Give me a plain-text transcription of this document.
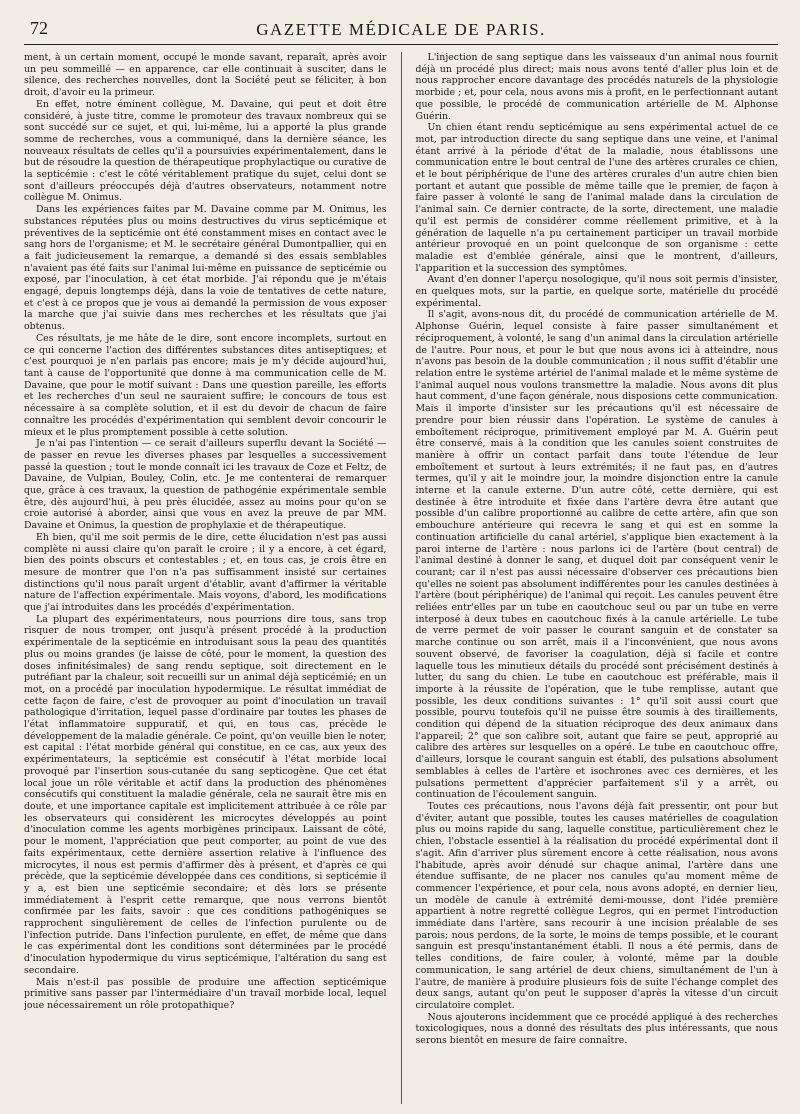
72	GAZETTE MÉDICALE DE PARIS.

ment, à un certain moment, occupé le monde savant, reparaît, après avoir un peu sommeillé — en apparence, car elle continuait à susciter, dans le silence, des recherches nouvelles, dont la Société peut se féliciter, à bon droit, d'avoir eu la primeur.

En effet, notre éminent collègue, M. Davaine, qui peut et doit être considéré, à juste titre, comme le promoteur des travaux nombreux qui se sont succédé sur ce sujet, et qui, lui-même, lui a apporté la plus grande somme de recherches, vous a communiqué, dans la dernière séance, les nouveaux résultats de celles qu'il a poursuivies expérimentalement, dans le but de résoudre la question de thérapeutique prophylactique ou curative de la septicémie : c'est le côté véritablement pratique du sujet, celui dont se sont d'ailleurs préoccupés déjà d'autres observateurs, notamment notre collègue M. Onimus.

Dans les expériences faites par M. Davaine comme par M. Onimus, les substances réputées plus ou moins destructives du virus septicémique et préventives de la septicémie ont été constamment mises en contact avec le sang hors de l'organisme; et M. le secrétaire général Dumontpallier, qui en a fait judicieusement la remarque, a demandé si des essais semblables n'avaient pas été faits sur l'animal lui-même en puissance de septicémie ou exposé, par l'inoculation, à cet état morbide. J'ai répondu que je m'étais engagé, depuis longtemps déjà, dans la voie de tentatives de cette nature, et c'est à ce propos que je vous ai demandé la permission de vous exposer la marche que j'ai suivie dans mes recherches et les résultats que j'ai obtenus.

Ces résultats, je me hâte de le dire, sont encore incomplets, surtout en ce qui concerne l'action des différentes substances dites antiseptiques; et c'est pourquoi je n'en parlais pas encore; mais je m'y décide aujourd'hui, tant à cause de l'opportunité que donne à ma communication celle de M. Davaine, que pour le motif suivant : Dans une question pareille, les efforts et les recherches d'un seul ne sauraient suffire; le concours de tous est nécessaire à sa complète solution, et il est du devoir de chacun de faire connaître les procédés d'expérimentation qui semblent devoir concourir le mieux et le plus promptement possible à cette solution.

Je n'ai pas l'intention — ce serait d'ailleurs superflu devant la Société — de passer en revue les diverses phases par lesquelles a successivement passé la question ; tout le monde connaît ici les travaux de Coze et Feltz, de Davaine, de Vulpian, Bouley, Colin, etc. Je me contenterai de remarquer que, grâce à ces travaux, la question de pathogénie expérimentale semble être, dès aujourd'hui, à peu près élucidée, assez au moins pour qu'on se croie autorisé à aborder, ainsi que vous en avez la preuve de par MM. Davaine et Onimus, la question de prophylaxie et de thérapeutique.

Eh bien, qu'il me soit permis de le dire, cette élucidation n'est pas aussi complète ni aussi claire qu'on paraît le croire ; il y a encore, à cet égard, bien des points obscurs et contestables ; et, en tous cas, je crois être en mesure de montrer que l'on n'a pas suffisamment insisté sur certaines distinctions qu'il nous paraît urgent d'établir, avant d'affirmer la véritable nature de l'affection expérimentale. Mais voyons, d'abord, les modifications que j'ai introduites dans les procédés d'expérimentation.

La plupart des expérimentateurs, nous pourrions dire tous, sans trop risquer de nous tromper, ont jusqu'à présent procédé à la production expérimentale de la septicémie en introduisant sous la peau des quantités plus ou moins grandes (je laisse de côté, pour le moment, la question des doses infinitésimales) de sang rendu septique, soit directement en le putréfiant par la chaleur, soit recueilli sur un animal déjà septicémié; en un mot, on a procédé par inoculation hypodermique. Le résultat immédiat de cette façon de faire, c'est de provoquer au point d'inoculation un travail pathologique d'irritation, lequel passe d'ordinaire par toutes les phases de l'état inflammatoire suppuratif, et qui, en tous cas, précède le développement de la maladie générale. Ce point, qu'on veuille bien le noter, est capital : l'état morbide général qui constitue, en ce cas, aux yeux des expérimentateurs, la septicémie est consécutif à l'état morbide local provoqué par l'insertion sous-cutanée du sang septicogène. Que cet état local joue un rôle véritable et actif dans la production des phénomènes consécutifs qui constituent la maladie générale, cela ne saurait être mis en doute, et une importance capitale est implicitement attribuée à ce rôle par les observateurs qui considèrent les microcytes développés au point d'inoculation comme les agents morbigènes principaux. Laissant de côté, pour le moment, l'appréciation que peut comporter, au point de vue des faits expérimentaux, cette dernière assertion relative à l'influence des microcytes, il nous est permis d'affirmer dès à présent, et d'après ce qui précède, que la septicémie développée dans ces conditions, si septicémie il y a, est bien une septicémie secondaire; et dès lors se présente immédiatement à l'esprit cette remarque, que nous verrons bientôt confirmée par les faits, savoir : que ces conditions pathogéniques se rapprochent singulièrement de celles de l'infection purulente ou de l'infection putride. Dans l'infection purulente, en effet, de même que dans le cas expérimental dont les conditions sont déterminées par le procédé d'inoculation hypodermique du virus septicémique, l'altération du sang est secondaire.

Mais n'est-il pas possible de produire une affection septicémique primitive sans passer par l'intermédiaire d'un travail morbide local, lequel joue nécessairement un rôle protopathique?

L'injection de sang septique dans les vaisseaux d'un animal nous fournit déjà un procédé plus direct; mais nous avons tenté d'aller plus loin et de nous rapprocher encore davantage des procédés naturels de la physiologie morbide ; et, pour cela, nous avons mis à profit, en le perfectionnant autant que possible, le procédé de communication artérielle de M. Alphonse Guérin.

Un chien étant rendu septicémique au sens expérimental actuel de ce mot, par introduction directe du sang septique dans une veine, et l'animal étant arrivé à la période d'état de la maladie, nous établissons une communication entre le bout central de l'une des artères crurales ce chien, et le bout périphérique de l'une des artères crurales d'un autre chien bien portant et autant que possible de même taille que le premier, de façon à faire passer à volonté le sang de l'animal malade dans la circulation de l'animal sain. Ce dernier contracte, de la sorte, directement, une maladie qu'il est permis de considérer comme réellement primitive, et à la génération de laquelle n'a pu certainement participer un travail morbide antérieur provoqué en un point quelconque de son organisme : cette maladie est d'emblée générale, ainsi que le montrent, d'ailleurs, l'apparition et la succession des symptômes.

Avant d'en donner l'aperçu nosologique, qu'il nous soit permis d'insister, en quelques mots, sur la partie, en quelque sorte, matérielle du procédé expérimental.

Il s'agit, avons-nous dit, du procédé de communication artérielle de M. Alphonse Guérin, lequel consiste à faire passer simultanément et réciproquement, à volonté, le sang d'un animal dans la circulation artérielle de l'autre. Pour nous, et pour le but que nous avons ici à atteindre, nous n'avons pas besoin de la double communication ; il nous suffit d'établir une relation entre le système artériel de l'animal malade et le même système de l'animal auquel nous voulons transmettre la maladie. Nous avons dit plus haut comment, d'une façon générale, nous disposions cette communication. Mais il importe d'insister sur les précautions qu'il est nécessaire de prendre pour bien réussir dans l'opération. Le système de canules à emboîtement réciproque, primitivement employé par M. A. Guérin peut être conservé, mais à la condition que les canules soient construites de manière à offrir un contact parfait dans toute l'étendue de leur emboîtement et surtout à leurs extrémités; il ne faut pas, en d'autres termes, qu'il y ait le moindre jour, la moindre disjonction entre la canule interne et la canule externe. D'un autre côté, cette dernière, qui est destinée à être introduite et fixée dans l'artère devra être autant que possible d'un calibre proportionné au calibre de cette artère, afin que son embouchure antérieure qui recevra le sang et qui est en somme la continuation artificielle du canal artériel, s'applique bien exactement à la paroi interne de l'artère : nous parlons ici de l'artère (bout central) de l'animal destiné à donner le sang, et duquel doit par conséquent venir le courant; car il n'est pas aussi nécessaire d'observer ces précautions bien qu'elles ne soient pas absolument indifférentes pour les canules destinées à l'artère (bout périphérique) de l'animal qui reçoit. Les canules peuvent être reliées entr'elles par un tube en caoutchouc seul ou par un tube en verre interposé à deux tubes en caoutchouc fixés à la canule artérielle. Le tube de verre permet de voir passer le courant sanguin et de constater sa marche continue ou son arrêt, mais il a l'inconvénient, que nous avons souvent observé, de favoriser la coagulation, déjà si facile et contre laquelle tous les minutieux détails du procédé sont précisément destinés à lutter, du sang du chien. Le tube en caoutchouc est préférable, mais il importe à la réussite de l'opération, que le tube remplisse, autant que possible, les deux conditions suivantes : 1° qu'il soit aussi court que possible, pourvu toutefois qu'il ne puisse être soumis à des tiraillements, condition qui dépend de la situation réciproque des deux animaux dans l'appareil; 2° que son calibre soit, autant que faire se peut, approprié au calibre des artères sur lesquelles on a opéré. Le tube en caoutchouc offre, d'ailleurs, lorsque le courant sanguin est établi, des pulsations absolument semblables à celles de l'artère et isochrones avec ces dernières, et les pulsations permettent d'apprécier parfaitement s'il y a arrêt, ou continuation de l'écoulement sanguin.

Toutes ces précautions, nous l'avons déjà fait pressentir, ont pour but d'éviter, autant que possible, toutes les causes matérielles de coagulation plus ou moins rapide du sang, laquelle constitue, particulièrement chez le chien, l'obstacle essentiel à la réalisation du procédé expérimental dont il s'agit. Afin d'arriver plus sûrement encore à cette réalisation, nous avons l'habitude, après avoir dénudé sur chaque animal, l'artère dans une étendue suffisante, de ne placer nos canules qu'au moment même de commencer l'expérience, et pour cela, nous avons adopté, en dernier lieu, un modèle de canule à extrémité demi-mousse, dont l'idée première appartient à notre regretté collègue Legros, qui en permet l'introduction immédiate dans l'artère, sans recourir à une incision préalable de ses parois; nous perdons, de la sorte, le moins de temps possible, et le courant sanguin est presqu'instantanément établi. Il nous a été permis, dans de telles conditions, de faire couler, à volonté, même par la double communication, le sang artériel de deux chiens, simultanément de l'un à l'autre, de manière à produire plusieurs fois de suite l'échange complet des deux sangs, autant qu'on peut le supposer d'après la vitesse d'un circuit circulatoire complet.

Nous ajouterons incidemment que ce procédé appliqué à des recherches toxicologiques, nous a donné des résultats des plus intéressants, que nous serons bientôt en mesure de faire connaître.
